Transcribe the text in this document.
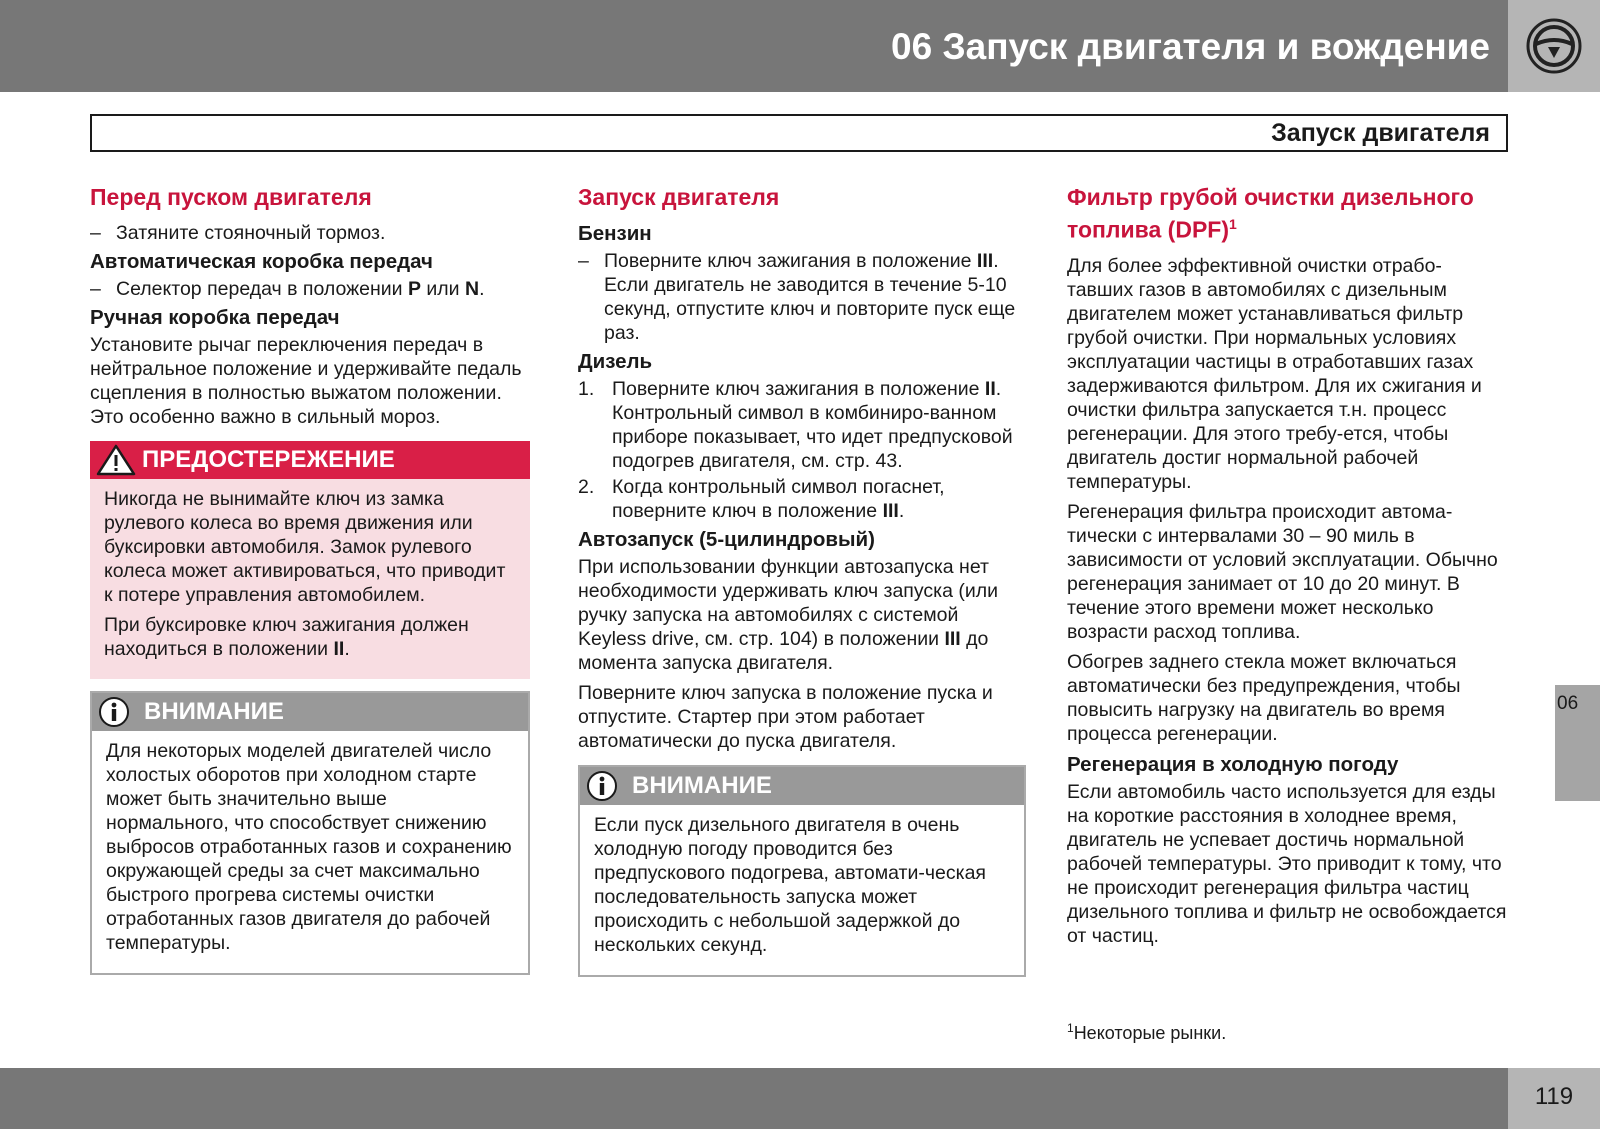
06 Запуск двигателя и вождение
Запуск двигателя
Перед пуском двигателя
– Затяните стояночный тормоз.
Автоматическая коробка передач
– Селектор передач в положении P или N.
Ручная коробка передач

Установите рычаг переключения передач в нейтральное положение и удерживайте педаль сцепления в полностью выжатом положении. Это особенно важно в сильный мороз.

ПРЕДОСТЕРЕЖЕНИЕ

Никогда не вынимайте ключ из замка рулевого колеса во время движения или буксировки автомобиля. Замок рулевого колеса может активироваться, что приводит к потере управления автомобилем.

При буксировке ключ зажигания должен находиться в положении II.

ВНИМАНИЕ

Для некоторых моделей двигателей число холостых оборотов при холодном старте может быть значительно выше нормального, что способствует снижению выбросов отработанных газов и сохранению окружающей среды за счет максимально быстрого прогрева системы очистки отработанных газов двигателя до рабочей температуры.

Запуск двигателя
Бензин
– Поверните ключ зажигания в положение III.
Если двигатель не заводится в течение 5-10 секунд, отпустите ключ и повторите пуск еще раз.
Дизель
1. Поверните ключ зажигания в положение II.
Контрольный символ в комбиниро-ванном приборе показывает, что идет предпусковой подогрев двигателя, см. стр. 43.
2. Когда контрольный символ погаснет, поверните ключ в положение III.
Автозапуск (5-цилиндровый)

При использовании функции автозапуска нет необходимости удерживать ключ запуска (или ручку запуска на автомобилях с системой Keyless drive, см. стр. 104) в положении III до момента запуска двигателя.

Поверните ключ запуска в положение пуска и отпустите. Стартер при этом работает автоматически до пуска двигателя.

ВНИМАНИЕ

Если пуск дизельного двигателя в очень холодную погоду проводится без предпускового подогрева, автомати-ческая последовательность запуска может происходить с небольшой задержкой до нескольких секунд.

Фильтр грубой очистки дизельного топлива (DPF)$^1$

Для более эффективной очистки отрабо-тавших газов в автомобилях с дизельным двигателем может устанавливаться фильтр грубой очистки. При нормальных условиях эксплуатации частицы в отработавших газах задерживаются фильтром. Для их сжигания и очистки фильтра запускается т.н. процесс регенерации. Для этого требу-ется, чтобы двигатель достиг нормальной рабочей температуры.

Регенерация фильтра происходит автома-тически с интервалами 30 – 90 миль в зависимости от условий эксплуатации. Обычно регенерация занимает от 10 до 20 минут. В течение этого времени может несколько возрасти расход топлива.

Обогрев заднего стекла может включаться автоматически без предупреждения, чтобы повысить нагрузку на двигатель во время процесса регенерации.

Регенерация в холодную погоду

Если автомобиль часто используется для езды на короткие расстояния в холоднее время, двигатель не успевает достичь нормальной рабочей температуры. Это приводит к тому, что не происходит регенерация фильтра частиц дизельного топлива и фильтр не освобождается от частиц.

$^1$Некоторые рынки.
06
119
